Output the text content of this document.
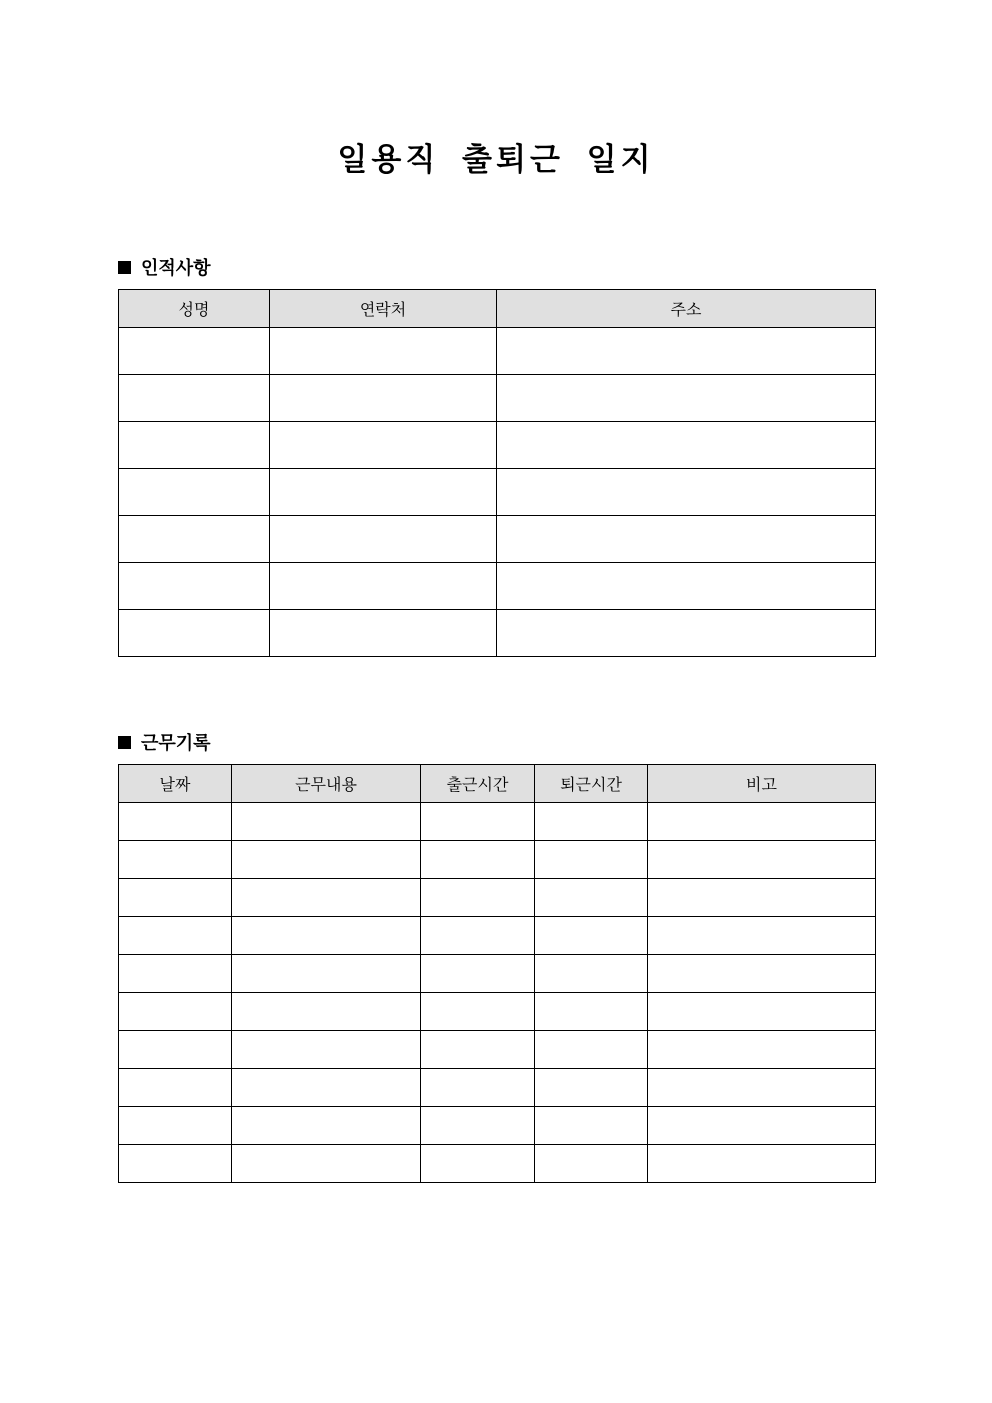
일용직 출퇴근 일지
인적사항
성명	연락처	주소

근무기록
날짜	근무내용	출근시간	퇴근시간	비고
